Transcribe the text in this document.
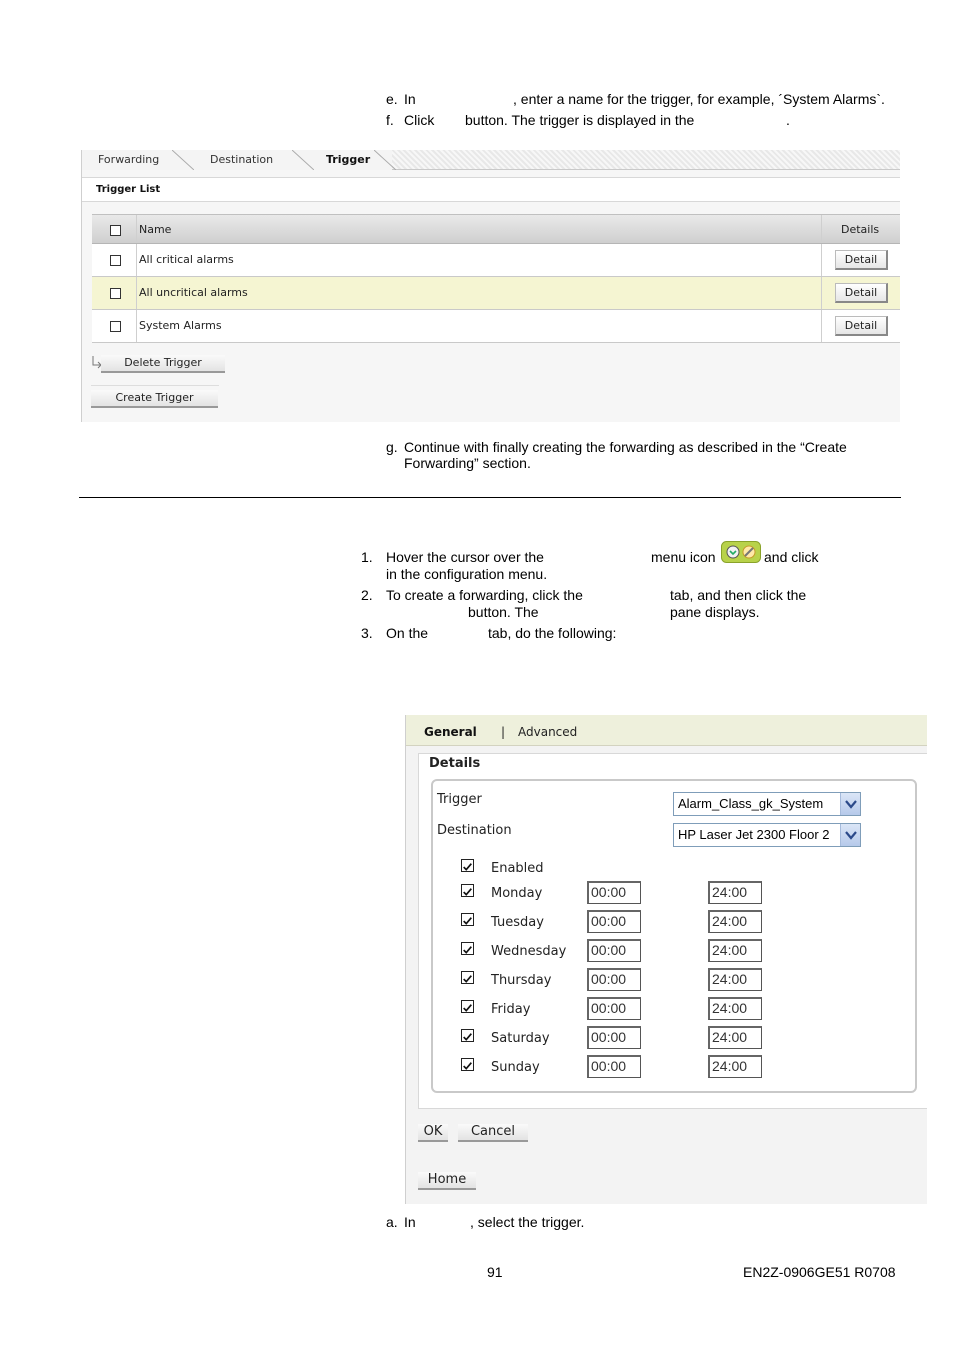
e. In	, enter a name for the trigger, for example, ´System Alarms`.
f. Click button. The trigger is displayed in the	.
Forwarding	Destination	Trigger
Trigger List
Name	Details
All critical alarms	Detail
All uncritical alarms	Detail
System Alarms	Detail
Delete Trigger
Create Trigger
g. Continue with finally creating the forwarding as described in the “Create
Forwarding” section.
1. Hover the cursor over the	menu icon	and click
in the configuration menu.
2. To create a forwarding, click the	tab, and then click the
button. The	pane displays.
3. On the	tab, do the following:
General | Advanced
Details
Trigger	Alarm_Class_gk_System
Destination	HP Laser Jet 2300 Floor 2
Enabled
Monday	00:00	24:00
Tuesday	00:00	24:00
Wednesday 00:00	24:00
Thursday	00:00	24:00
Friday	00:00	24:00
Saturday	00:00	24:00
Sunday	00:00	24:00
OK	Cancel
Home
a. In	, select the trigger.
91	EN2Z-0906GE51 R0708
